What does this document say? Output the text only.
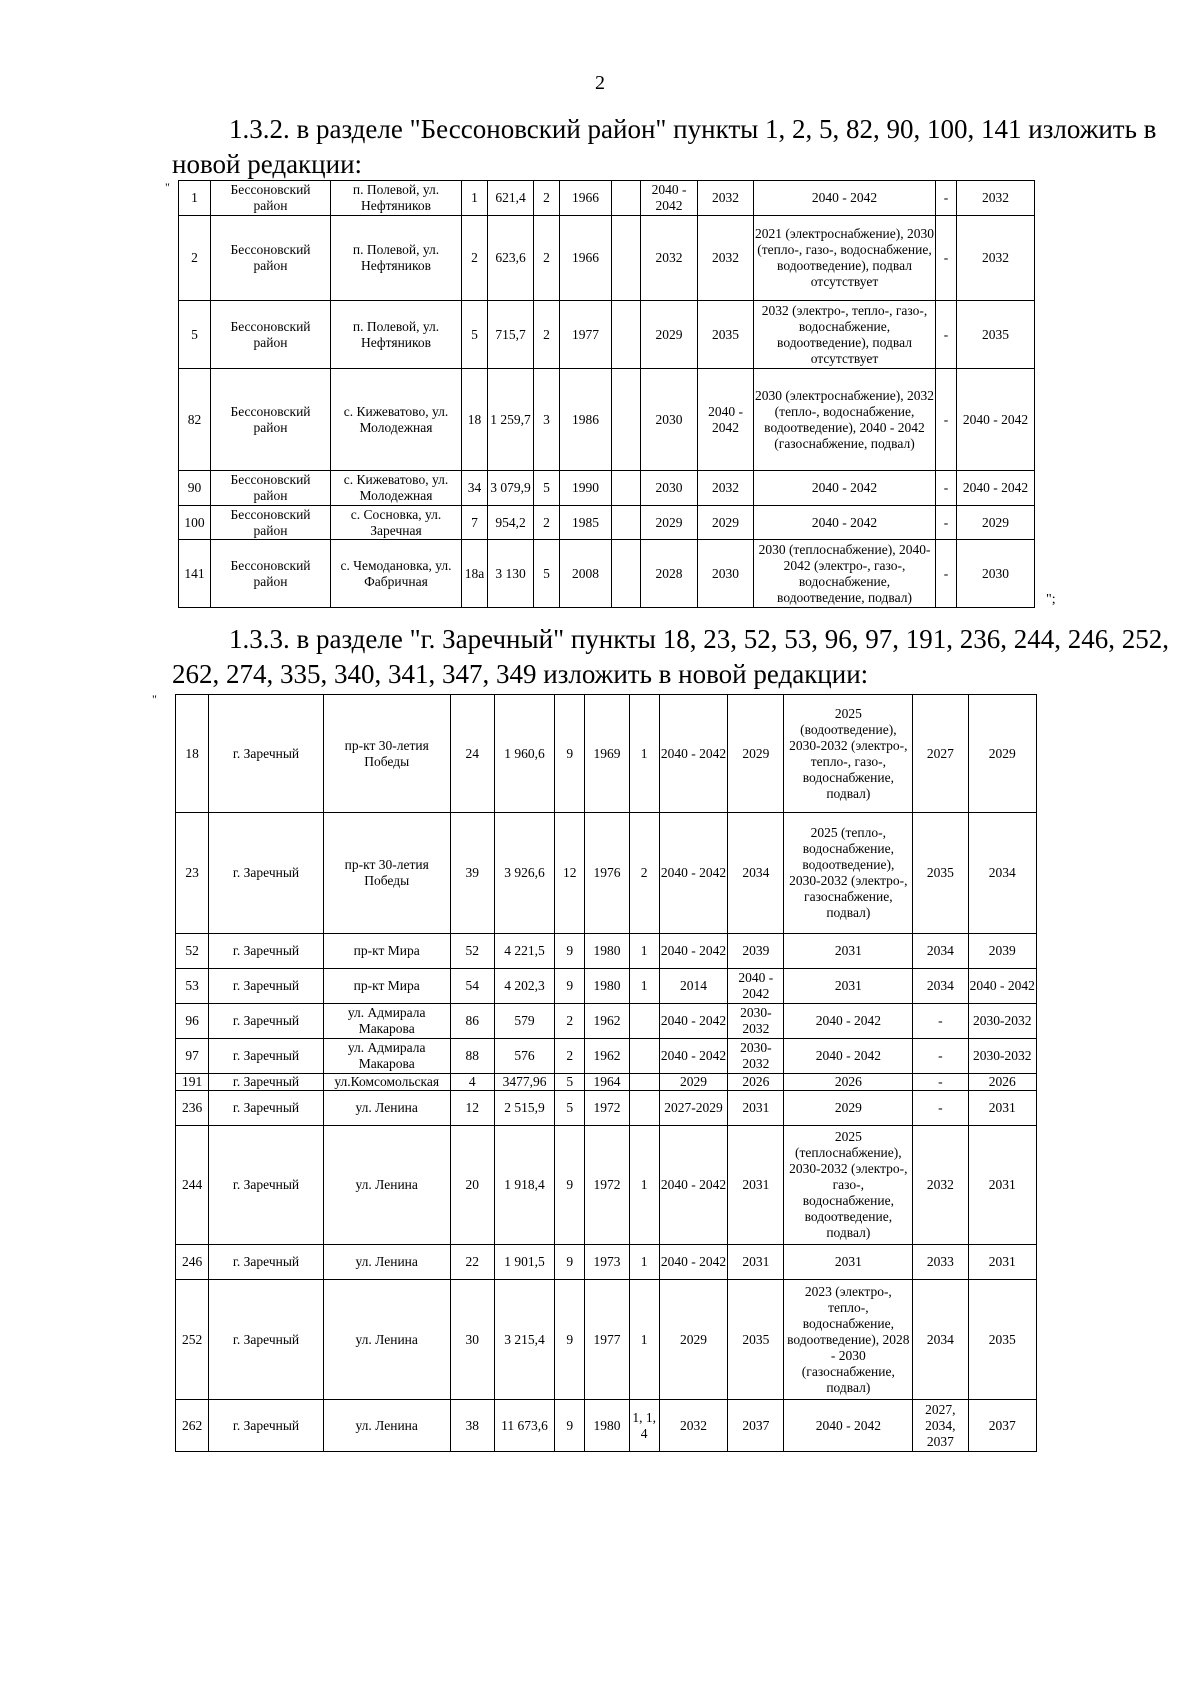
2
1.3.2. в разделе "Бессоновский район" пункты 1, 2, 5, 82, 90, 100, 141 изложить в новой редакции:
"
1	Бессоновский район	п. Полевой, ул. Нефтяников	1	621,4	2	1966		2040 - 2042	2032	2040 - 2042	-	2032
2	Бессоновский район	п. Полевой, ул. Нефтяников	2	623,6	2	1966		2032	2032	2021 (электроснабжение), 2030 (тепло-, газо-, водоснабжение, водоотведение), подвал отсутствует	-	2032
5	Бессоновский район	п. Полевой, ул. Нефтяников	5	715,7	2	1977		2029	2035	2032 (электро-, тепло-, газо-, водоснабжение, водоотведение), подвал отсутствует	-	2035
82	Бессоновский район	с. Кижеватово, ул. Молодежная	18	1 259,7	3	1986		2030	2040 - 2042	2030 (электроснабжение), 2032 (тепло-, водоснабжение, водоотведение), 2040 - 2042 (газоснабжение, подвал)	-	2040 - 2042
90	Бессоновский район	с. Кижеватово, ул. Молодежная	34	3 079,9	5	1990		2030	2032	2040 - 2042	-	2040 - 2042
100	Бессоновский район	с. Сосновка, ул. Заречная	7	954,2	2	1985		2029	2029	2040 - 2042	-	2029
141	Бессоновский район	с. Чемодановка, ул. Фабричная	18а	3 130	5	2008		2028	2030	2030 (теплоснабжение), 2040-2042 (электро-, газо-, водоснабжение, водоотведение, подвал)	-	2030
";
1.3.3. в разделе "г. Заречный" пункты 18, 23, 52, 53, 96, 97, 191, 236, 244, 246, 252, 262, 274, 335, 340, 341, 347, 349 изложить в новой редакции:
"
18	г. Заречный	пр-кт 30-летия Победы	24	1 960,6	9	1969	1	2040 - 2042	2029	2025 (водоотведение), 2030-2032 (электро-, тепло-, газо-, водоснабжение, подвал)	2027	2029
23	г. Заречный	пр-кт 30-летия Победы	39	3 926,6	12	1976	2	2040 - 2042	2034	2025 (тепло-, водоснабжение, водоотведение), 2030-2032 (электро-, газоснабжение, подвал)	2035	2034
52	г. Заречный	пр-кт Мира	52	4 221,5	9	1980	1	2040 - 2042	2039	2031	2034	2039
53	г. Заречный	пр-кт Мира	54	4 202,3	9	1980	1	2014	2040 - 2042	2031	2034	2040 - 2042
96	г. Заречный	ул. Адмирала Макарова	86	579	2	1962		2040 - 2042	2030-2032	2040 - 2042	-	2030-2032
97	г. Заречный	ул. Адмирала Макарова	88	576	2	1962		2040 - 2042	2030-2032	2040 - 2042	-	2030-2032
191	г. Заречный	ул.Комсомольская	4	3477,96	5	1964		2029	2026	2026	-	2026
236	г. Заречный	ул. Ленина	12	2 515,9	5	1972		2027-2029	2031	2029	-	2031
244	г. Заречный	ул. Ленина	20	1 918,4	9	1972	1	2040 - 2042	2031	2025 (теплоснабжение), 2030-2032 (электро-, газо-, водоснабжение, водоотведение, подвал)	2032	2031
246	г. Заречный	ул. Ленина	22	1 901,5	9	1973	1	2040 - 2042	2031	2031	2033	2031
252	г. Заречный	ул. Ленина	30	3 215,4	9	1977	1	2029	2035	2023 (электро-, тепло-, водоснабжение, водоотведение), 2028 - 2030 (газоснабжение, подвал)	2034	2035
262	г. Заречный	ул. Ленина	38	11 673,6	9	1980	1, 1, 4	2032	2037	2040 - 2042	2027, 2034, 2037	2037
